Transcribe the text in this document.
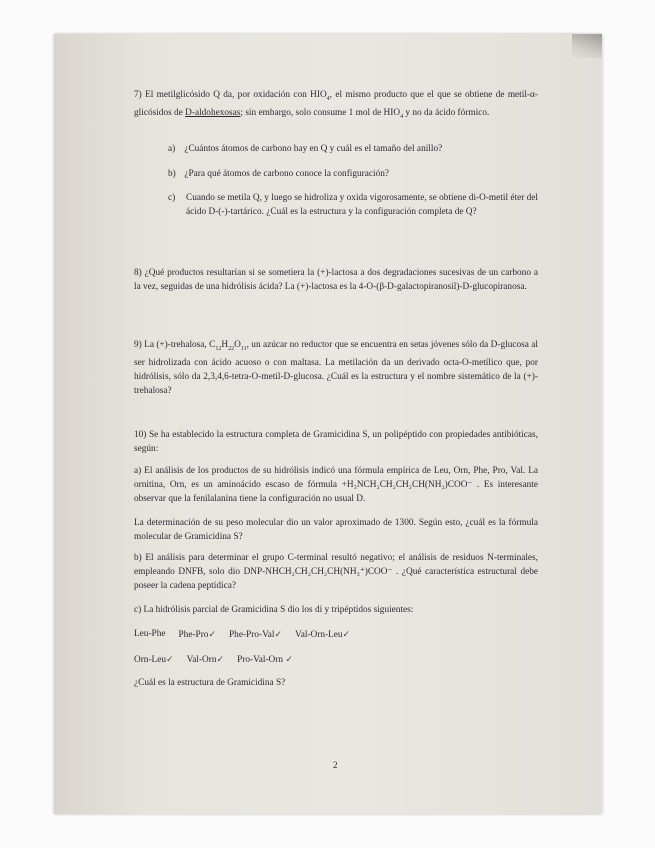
7) El metilglicósido Q da, por oxidación con $HIO_4$, el mismo producto que el que se obtiene de metil-α-glicósidos de D-aldohexosas; sin embargo, solo consume 1 mol de $HIO_4$ y no da ácido fórmico.

a) ¿Cuántos átomos de carbono hay en Q y cuál es el tamaño del anillo?

b) ¿Para qué átomos de carbono conoce la configuración?

c)	Cuando se metila Q, y luego se hidroliza y oxida vigorosamente, se obtiene di-O-metil éter del ácido D-(-)-tartárico. ¿Cuál es la estructura y la configuración completa de Q?

8) ¿Qué productos resultarían si se sometiera la (+)-lactosa a dos degradaciones sucesivas de un carbono a la vez, seguidas de una hidrólisis ácida? La (+)-lactosa es la 4-O-(β-D-galactopiranosil)-D-glucopiranosa.

9) La (+)-trehalosa, $C_{12}H_{22}O_{11}$, un azúcar no reductor que se encuentra en setas jóvenes sólo da D-glucosa al ser hidrolizada con ácido acuoso o con maltasa. La metilación da un derivado octa-O-metílico que, por hidrólisis, sólo da 2,3,4,6-tetra-O-metil-D-glucosa. ¿Cuál es la estructura y el nombre sistemático de la (+)-trehalosa?

10) Se ha establecido la estructura completa de Gramicidina S, un polipéptido con propiedades antibióticas, según:

a) El análisis de los productos de su hidrólisis indicó una fórmula empírica de Leu, Orn, Phe, Pro, Val. La ornitina, Orn, es un aminoácido escaso de fórmula +H₃NCH₂CH₂CH₂CH(NH₂)COO⁻ . Es interesante observar que la fenilalanina tiene la configuración no usual D.

La determinación de su peso molecular dio un valor aproximado de 1300. Según esto, ¿cuál es la fórmula molecular de Gramicidina S?

b) El análisis para determinar el grupo C-terminal resultó negativo; el análisis de residuos N-terminales, empleando DNFB, solo dio DNP-NHCH₂CH₂CH₂CH(NH₃⁺)COO⁻ . ¿Qué característica estructural debe poseer la cadena peptídica?

c) La hidrólisis parcial de Gramicidina S dio los di y tripéptidos siguientes:

Leu-Phe Phe-Pro✓ Phe-Pro-Val✓ Val-Orn-Leu✓
Orn-Leu✓ Val-Orn✓ Pro-Val-Orn ✓

¿Cuál es la estructura de Gramicidina S?

2
